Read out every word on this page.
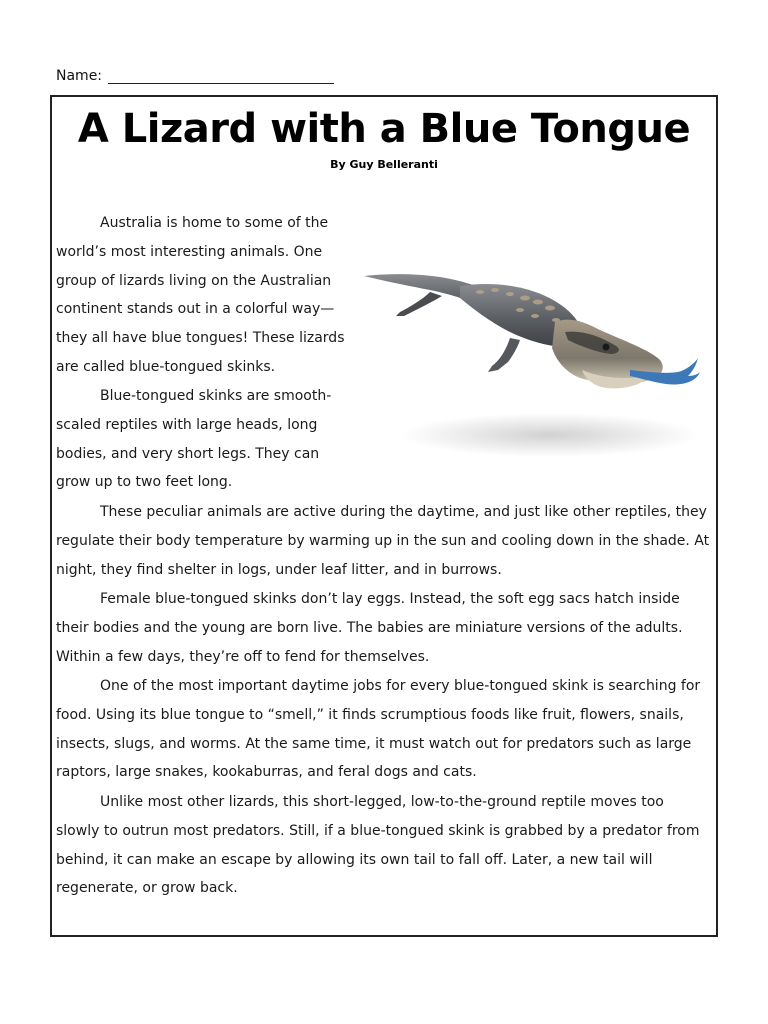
Name:
A Lizard with a Blue Tongue
By Guy Belleranti

Australia is home to some of the world’s most interesting animals. One group of lizards living on the Australian continent stands out in a colorful way—they all have blue tongues! These lizards are called blue-tongued skinks.

Blue-tongued skinks are smooth-scaled reptiles with large heads, long bodies, and very short legs. They can grow up to two feet long.

These peculiar animals are active during the daytime, and just like other reptiles, they regulate their body temperature by warming up in the sun and cooling down in the shade. At night, they find shelter in logs, under leaf litter, and in burrows.

Female blue-tongued skinks don’t lay eggs. Instead, the soft egg sacs hatch inside their bodies and the young are born live. The babies are miniature versions of the adults. Within a few days, they’re off to fend for themselves.

One of the most important daytime jobs for every blue-tongued skink is searching for food. Using its blue tongue to “smell,” it finds scrumptious foods like fruit, flowers, snails, insects, slugs, and worms. At the same time, it must watch out for predators such as large raptors, large snakes, kookaburras, and feral dogs and cats.

Unlike most other lizards, this short-legged, low-to-the-ground reptile moves too slowly to outrun most predators. Still, if a blue-tongued skink is grabbed by a predator from behind, it can make an escape by allowing its own tail to fall off. Later, a new tail will regenerate, or grow back.
